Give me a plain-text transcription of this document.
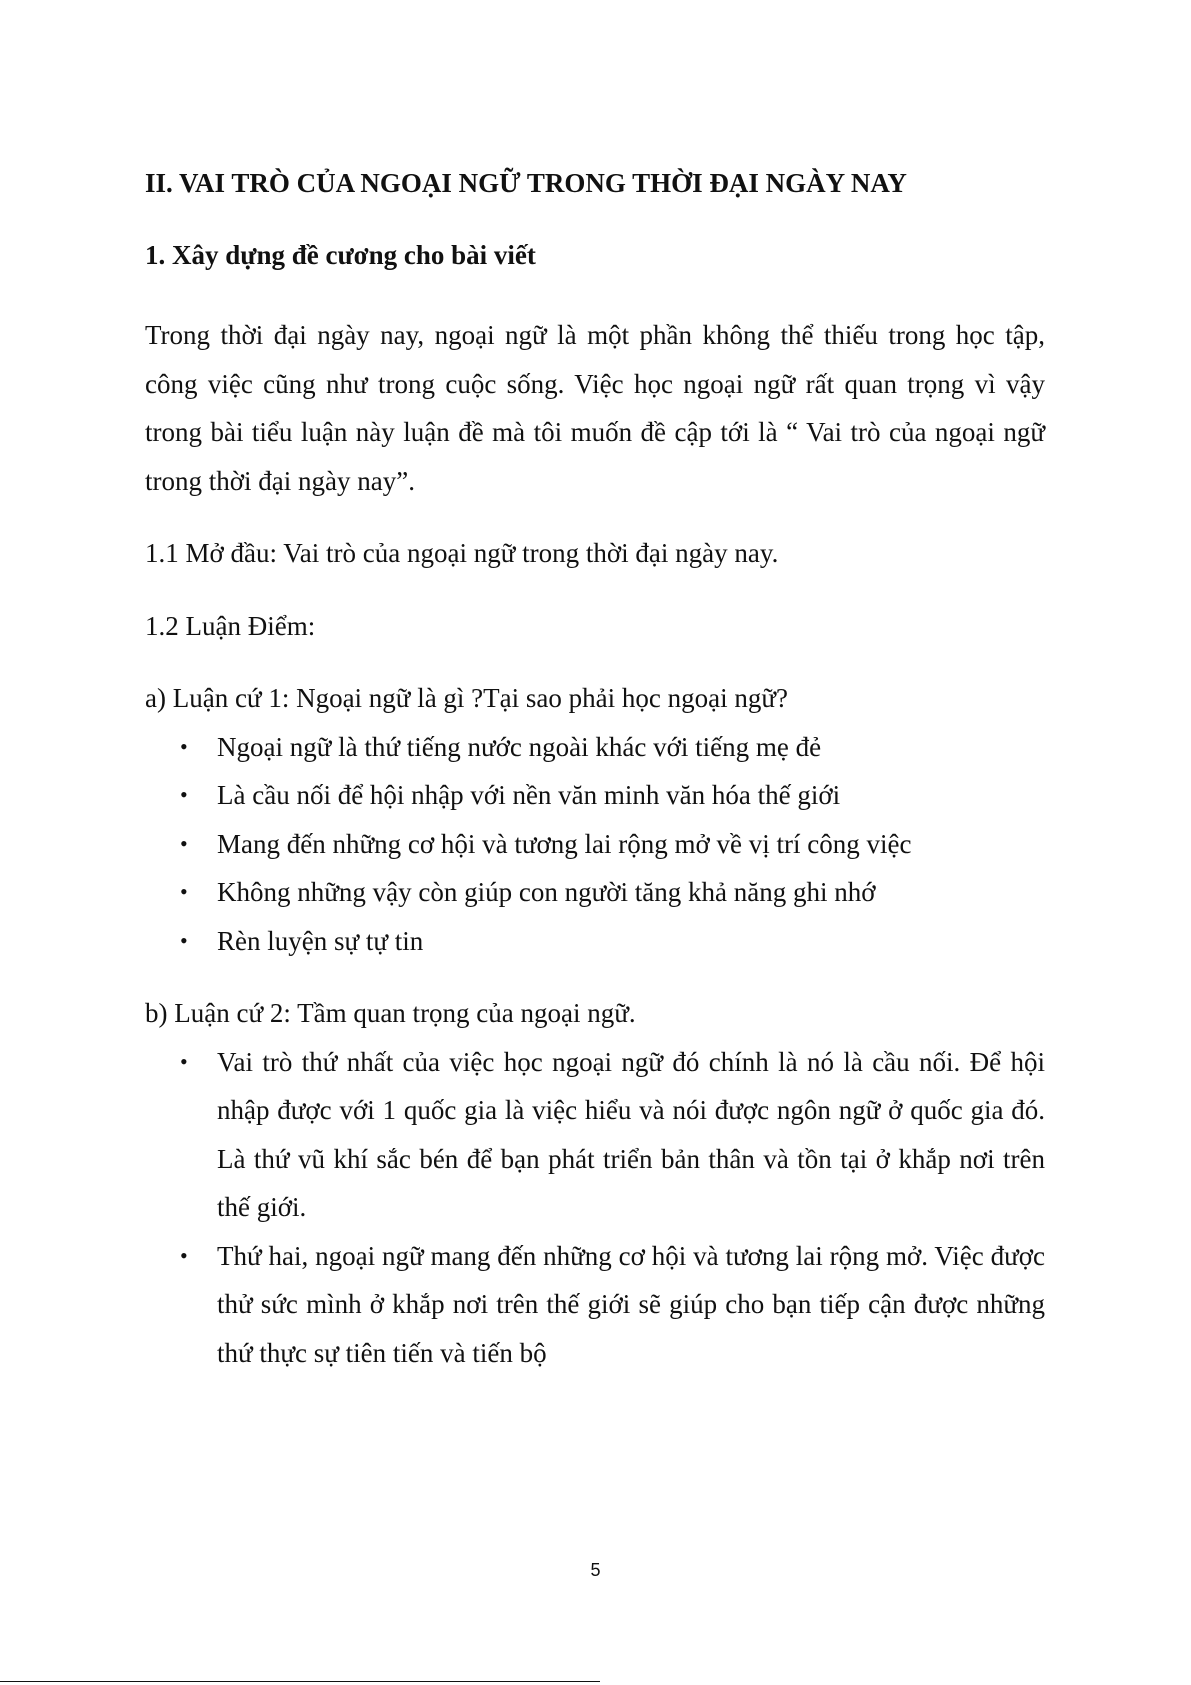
II. VAI TRÒ CỦA NGOẠI NGỮ TRONG THỜI ĐẠI NGÀY NAY
1. Xây dựng đề cương cho bài viết

Trong thời đại ngày nay, ngoại ngữ là một phần không thể thiếu trong học tập, công việc cũng như trong cuộc sống. Việc học ngoại ngữ rất quan trọng vì vậy trong bài tiểu luận này luận đề mà tôi muốn đề cập tới là “ Vai trò của ngoại ngữ trong thời đại ngày nay”.

1.1 Mở đầu: Vai trò của ngoại ngữ trong thời đại ngày nay.

1.2 Luận Điểm:

a) Luận cứ 1: Ngoại ngữ là gì ?Tại sao phải học ngoại ngữ?

• Ngoại ngữ là thứ tiếng nước ngoài khác với tiếng mẹ đẻ
• Là cầu nối để hội nhập với nền văn minh văn hóa thế giới
• Mang đến những cơ hội và tương lai rộng mở về vị trí công việc
• Không những vậy còn giúp con người tăng khả năng ghi nhớ
• Rèn luyện sự tự tin

b) Luận cứ 2: Tầm quan trọng của ngoại ngữ.

• Vai trò thứ nhất của việc học ngoại ngữ đó chính là nó là cầu nối. Để hội nhập được với 1 quốc gia là việc hiểu và nói được ngôn ngữ ở quốc gia đó. Là thứ vũ khí sắc bén để bạn phát triển bản thân và tồn tại ở khắp nơi trên thế giới.
• Thứ hai, ngoại ngữ mang đến những cơ hội và tương lai rộng mở. Việc được thử sức mình ở khắp nơi trên thế giới sẽ giúp cho bạn tiếp cận được những thứ thực sự tiên tiến và tiến bộ
5
